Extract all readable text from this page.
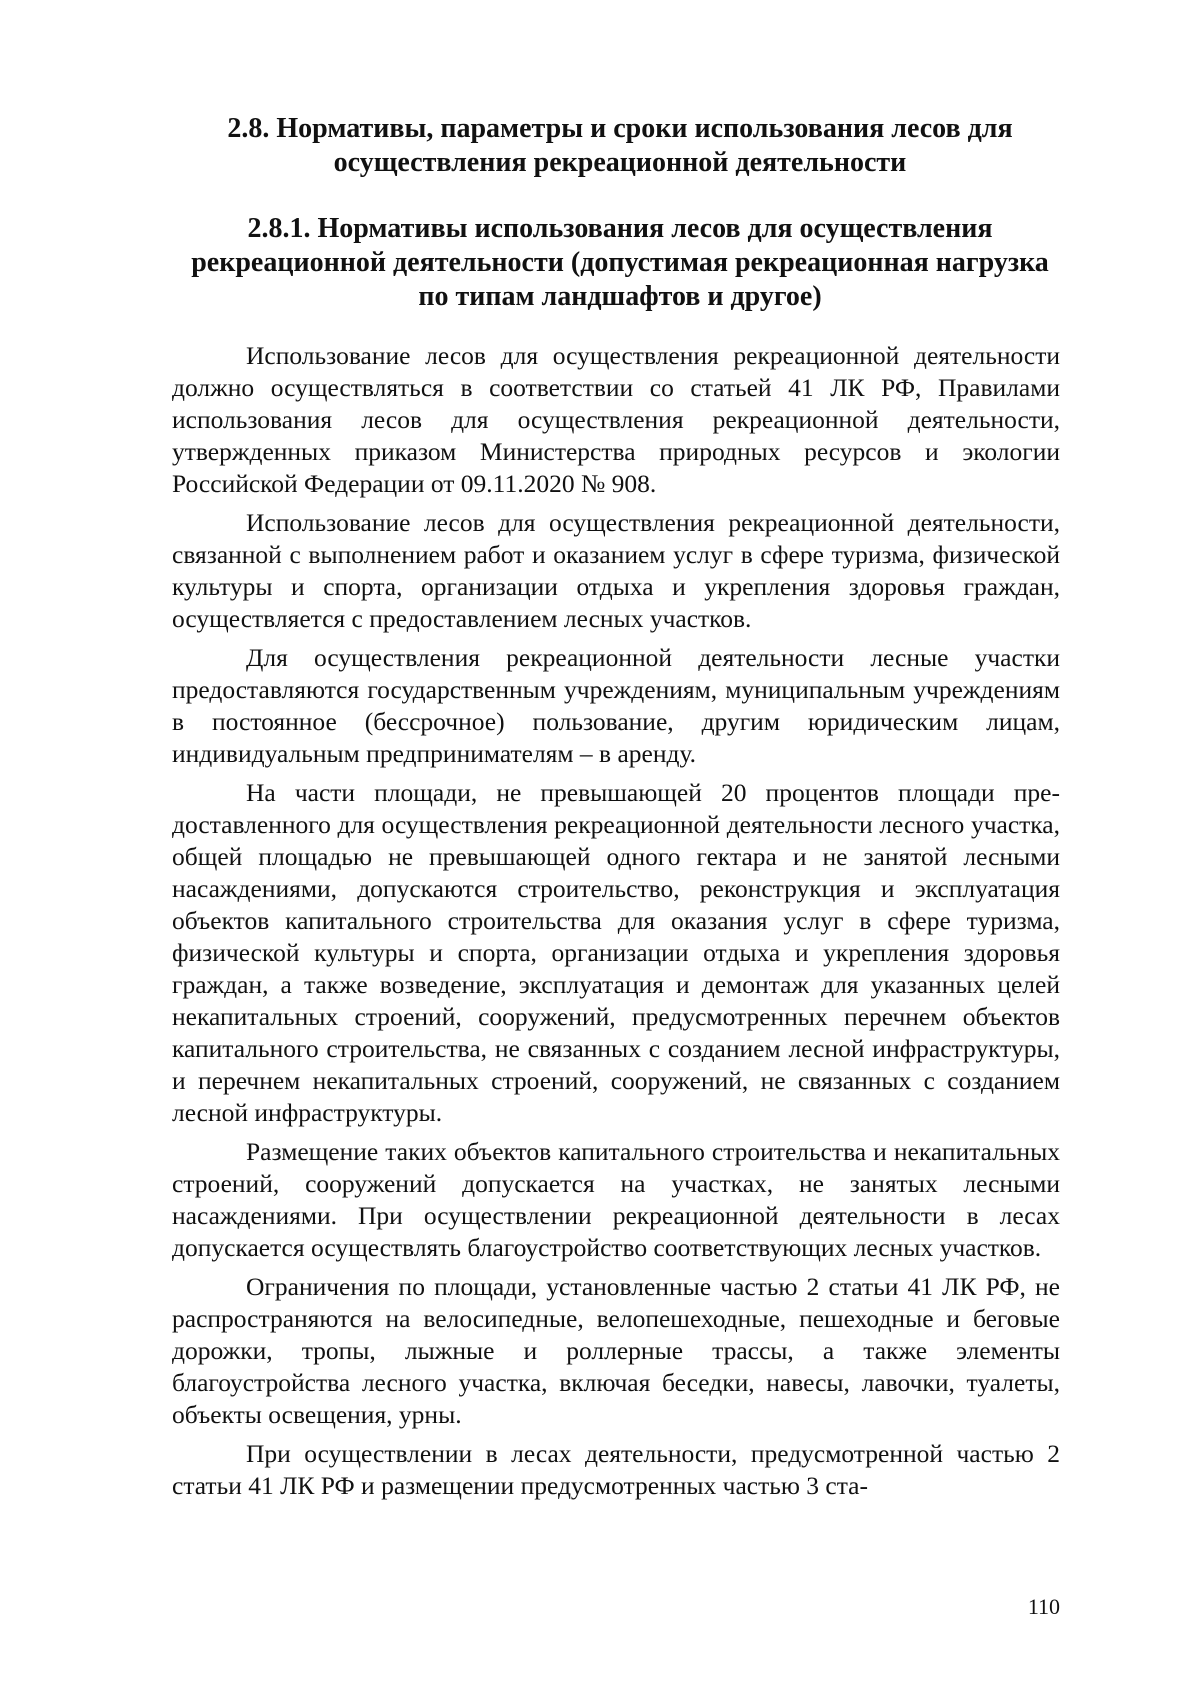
2.8. Нормативы, параметры и сроки использования лесов для
осуществления рекреационной деятельности
2.8.1. Нормативы использования лесов для осуществления
рекреационной деятельности (допустимая рекреационная нагрузка
по типам ландшафтов и другое)

Использование лесов для осуществления рекреационной деятельности должно осуществляться в соответствии со статьей 41 ЛК РФ, Правилами использования лесов для осуществления рекреационной деятельности, утвержденных приказом Министерства природных ресурсов и экологии Российской Федерации от 09.11.2020 № 908.

Использование лесов для осуществления рекреационной деятельности, связанной с выполнением работ и оказанием услуг в сфере туризма, физической культуры и спорта, организации отдыха и укрепления здоровья граждан, осуществляется с предоставлением лесных участков.

Для осуществления рекреационной деятельности лесные участки предоставляются государственным учреждениям, муниципальным учреждениям в постоянное (бессрочное) пользование, другим юридическим лицам, индивидуальным предпринимателям – в аренду.

На части площади, не превышающей 20 процентов площади предоставленного для осуществления рекреационной деятельности лесного участка, общей площадью не превышающей одного гектара и не занятой лесными насаждениями, допускаются строительство, реконструкция и эксплуатация объектов капитального строительства для оказания услуг в сфере туризма, физической культуры и спорта, организации отдыха и укрепления здоровья граждан, а также возведение, эксплуатация и демонтаж для указанных целей некапитальных строений, сооружений, предусмотренных перечнем объектов капитального строительства, не связанных с созданием лесной инфраструктуры, и перечнем некапитальных строений, сооружений, не связанных с созданием лесной инфраструктуры.

Размещение таких объектов капитального строительства и некапитальных строений, сооружений допускается на участках, не занятых лесными насаждениями. При осуществлении рекреационной деятельности в лесах допускается осуществлять благоустройство соответствующих лесных участков.

Ограничения по площади, установленные частью 2 статьи 41 ЛК РФ, не распространяются на велосипедные, велопешеходные, пешеходные и беговые дорожки, тропы, лыжные и роллерные трассы, а также элементы благоустройства лесного участка, включая беседки, навесы, лавочки, туалеты, объекты освещения, урны.

При осуществлении в лесах деятельности, предусмотренной частью 2 статьи 41 ЛК РФ и размещении предусмотренных частью 3 ста-

110
